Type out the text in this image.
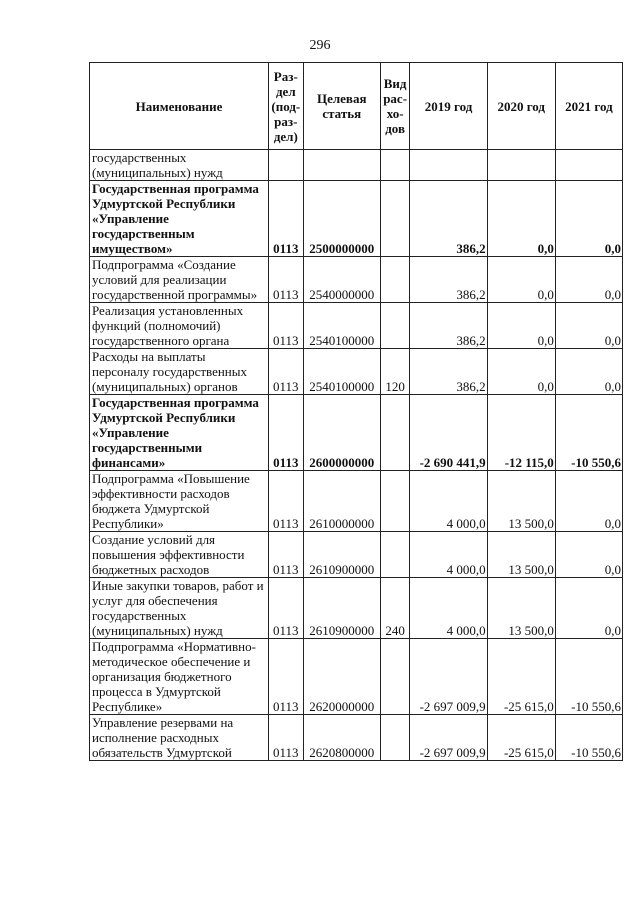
296
Наименование	Раз-дел (под-раз-дел)	Целевая статья	Вид рас-хо-дов	2019 год	2020 год	2021 год
государственных (муниципальных) нужд						
Государственная программа Удмуртской Республики «Управление государственным имуществом»	0113	2500000000		386,2	0,0	0,0
Подпрограмма «Создание условий для реализации государственной программы»	0113	2540000000		386,2	0,0	0,0
Реализация установленных функций (полномочий) государственного органа	0113	2540100000		386,2	0,0	0,0
Расходы на выплаты персоналу государственных (муниципальных) органов	0113	2540100000	120	386,2	0,0	0,0
Государственная программа Удмуртской Республики «Управление государственными финансами»	0113	2600000000		-2 690 441,9	-12 115,0	-10 550,6
Подпрограмма «Повышение эффективности расходов бюджета Удмуртской Республики»	0113	2610000000		4 000,0	13 500,0	0,0
Создание условий для повышения эффективности бюджетных расходов	0113	2610900000		4 000,0	13 500,0	0,0
Иные закупки товаров, работ и услуг для обеспечения государственных (муниципальных) нужд	0113	2610900000	240	4 000,0	13 500,0	0,0
Подпрограмма «Нормативно-методическое обеспечение и организация бюджетного процесса в Удмуртской Республике»	0113	2620000000		-2 697 009,9	-25 615,0	-10 550,6
Управление резервами на исполнение расходных обязательств Удмуртской	0113	2620800000		-2 697 009,9	-25 615,0	-10 550,6
